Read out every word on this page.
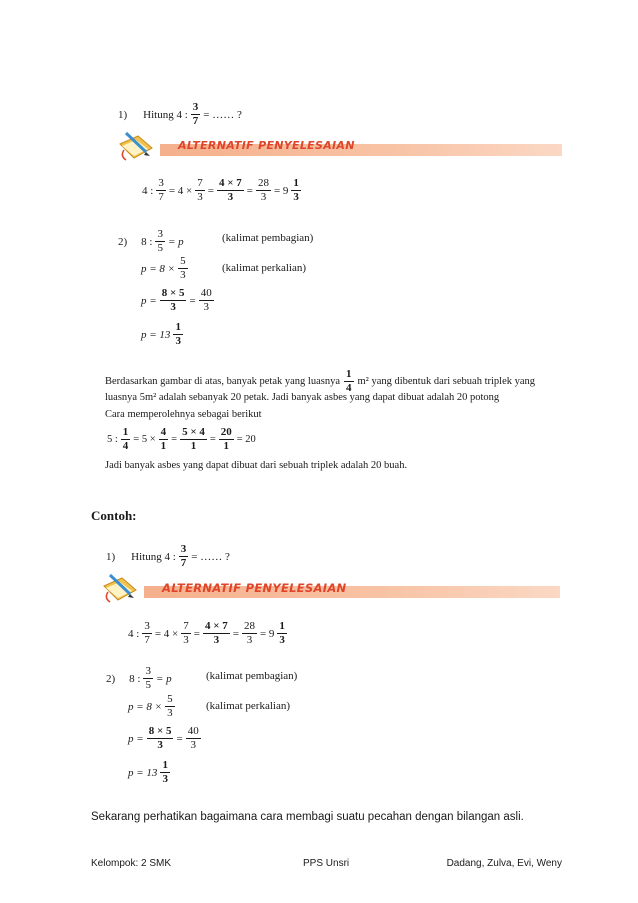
1) Hitung 4 : $\frac{3}{7}$ = …… ?
ALTERNATIF PENYELESAIAN
4 : $\frac{3}{7} = 4 \times \frac{7}{3} = \frac{4 \times 7}{3} = \frac{28}{3} = 9 \frac{1}{3}$
2) 8 : $\frac{3}{5} = p$	(kalimat pembagian)
$p = 8 \times \frac{5}{3}$	(kalimat perkalian)
$p = \frac{8 \times 5}{3} = \frac{40}{3}$
$p = 13 \frac{1}{3}$
Berdasarkan gambar di atas, banyak petak yang luasnya $\frac{1}{4} m^2$ yang dibentuk dari sebuah triplek yang
luasnya 5m² adalah sebanyak 20 petak. Jadi banyak asbes yang dapat dibuat adalah 20 potong
Cara memperolehnya sebagai berikut
5 : $\frac{1}{4} = 5 \times \frac{4}{1} = \frac{5 \times 4}{1} = \frac{20}{1} = 20$
Jadi banyak asbes yang dapat dibuat dari sebuah triplek adalah 20 buah.
Contoh:
1) Hitung 4 : $\frac{3}{7}$ = …… ?
ALTERNATIF PENYELESAIAN
4 : $\frac{3}{7} = 4 \times \frac{7}{3} = \frac{4 \times 7}{3} = \frac{28}{3} = 9 \frac{1}{3}$
2) 8 : $\frac{3}{5} = p$	(kalimat pembagian)
$p = 8 \times \frac{5}{3}$	(kalimat perkalian)
$p = \frac{8 \times 5}{3} = \frac{40}{3}$
$p = 13 \frac{1}{3}$
Sekarang perhatikan bagaimana cara membagi suatu pecahan dengan bilangan asli.
Kelompok: 2 SMK	PPS Unsri	Dadang, Zulva, Evi, Weny
